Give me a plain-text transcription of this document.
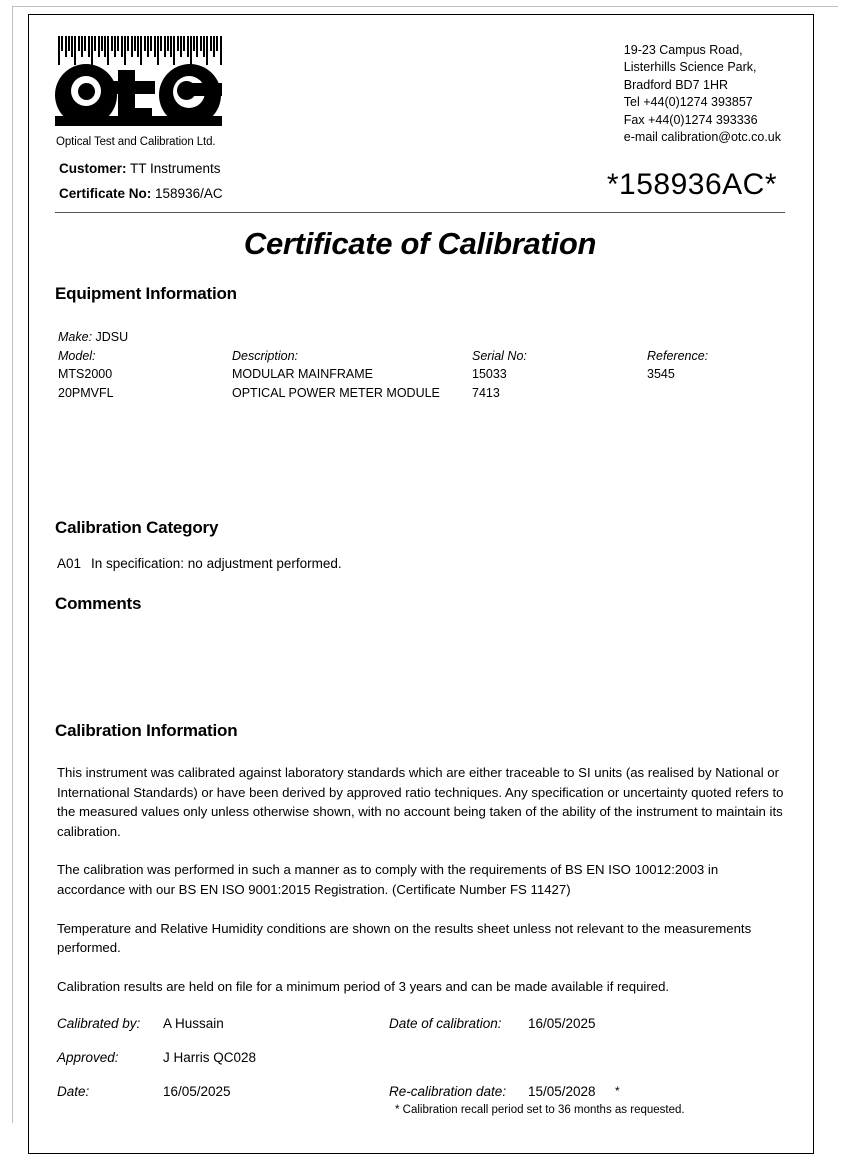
Optical Test and Calibration Ltd.
19-23 Campus Road,
Listerhills Science Park,
Bradford BD7 1HR
Tel +44(0)1274 393857
Fax +44(0)1274 393336
e-mail calibration@otc.co.uk
Customer: TT Instruments
Certificate No: 158936/AC	*158936AC*
Certificate of Calibration
Equipment Information
Make: JDSU
Model:	Description:	Serial No:	Reference:
MTS2000	MODULAR MAINFRAME	15033	3545
20PMVFL	OPTICAL POWER METER MODULE	7413
Calibration Category
A01 In specification: no adjustment performed.
Comments
Calibration Information
This instrument was calibrated against laboratory standards which are either traceable to SI units (as realised by National or International Standards) or have been derived by approved ratio techniques. Any specification or uncertainty quoted refers to the measured values only unless otherwise shown, with no account being taken of the ability of the instrument to maintain its calibration.
The calibration was performed in such a manner as to comply with the requirements of BS EN ISO 10012:2003 in accordance with our BS EN ISO 9001:2015 Registration. (Certificate Number FS 11427)
Temperature and Relative Humidity conditions are shown on the results sheet unless not relevant to the measurements performed.
Calibration results are held on file for a minimum period of 3 years and can be made available if required.
Calibrated by: A Hussain	Date of calibration: 16/05/2025
Approved:	J Harris QC028
Date:	16/05/2025	Re-calibration date: 15/05/2028 *
* Calibration recall period set to 36 months as requested.
